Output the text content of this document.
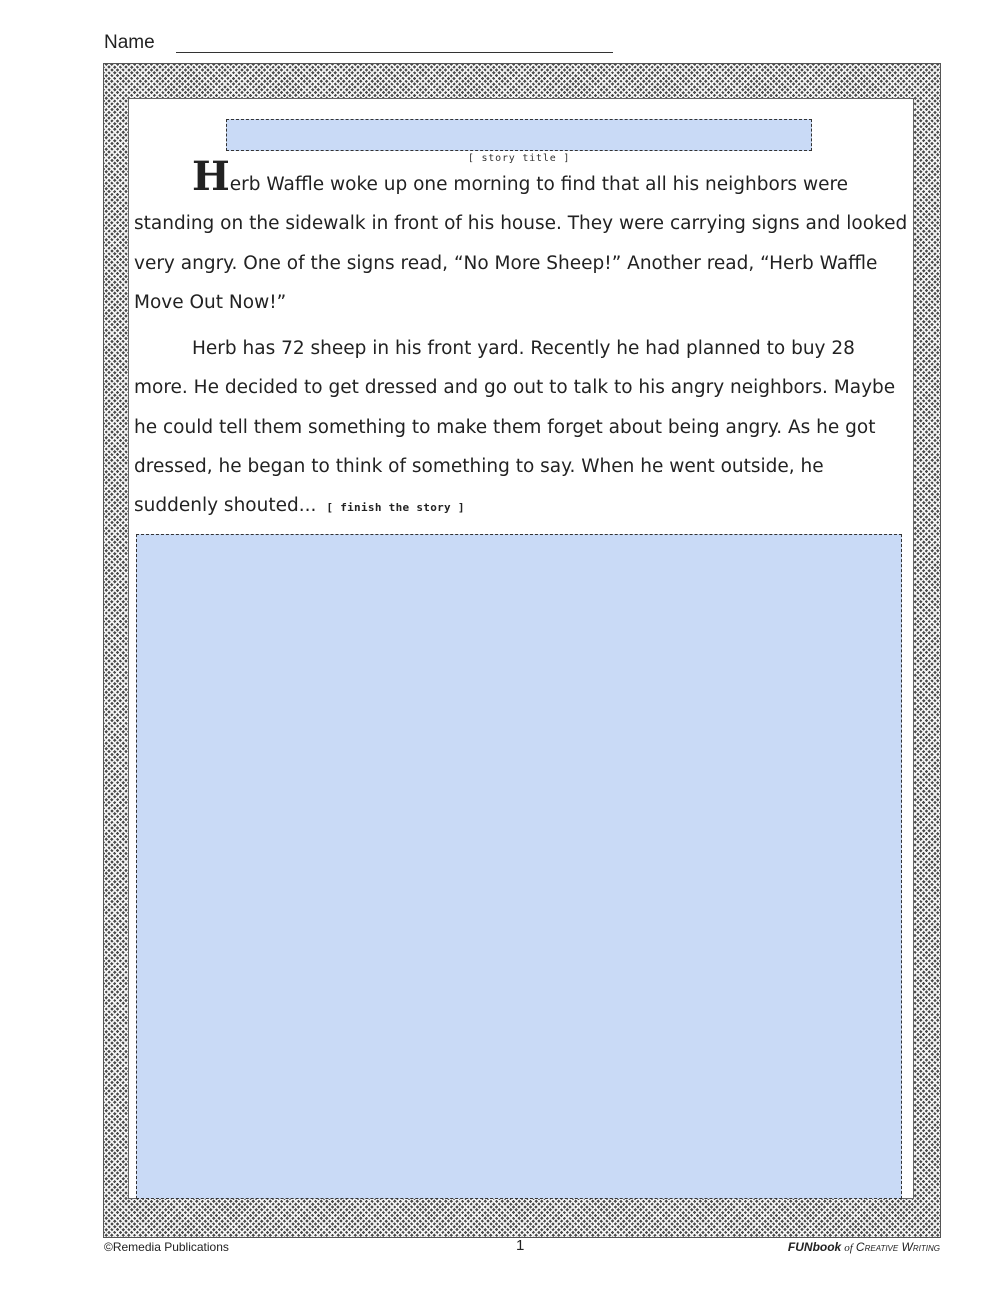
Name
[ story title ]

Herb Waffle woke up one morning to find that all his neighbors were standing on the sidewalk in front of his house. They were carrying signs and looked very angry. One of the signs read, “No More Sheep!” Another read, “Herb Waffle Move Out Now!”

Herb has 72 sheep in his front yard. Recently he had planned to buy 28 more. He decided to get dressed and go out to talk to his angry neighbors. Maybe he could tell them something to make them forget about being angry. As he got dressed, he began to think of something to say. When he went outside, he suddenly shouted... [ finish the story ]

©Remedia Publications	1	FUNbook of Creative Writing
